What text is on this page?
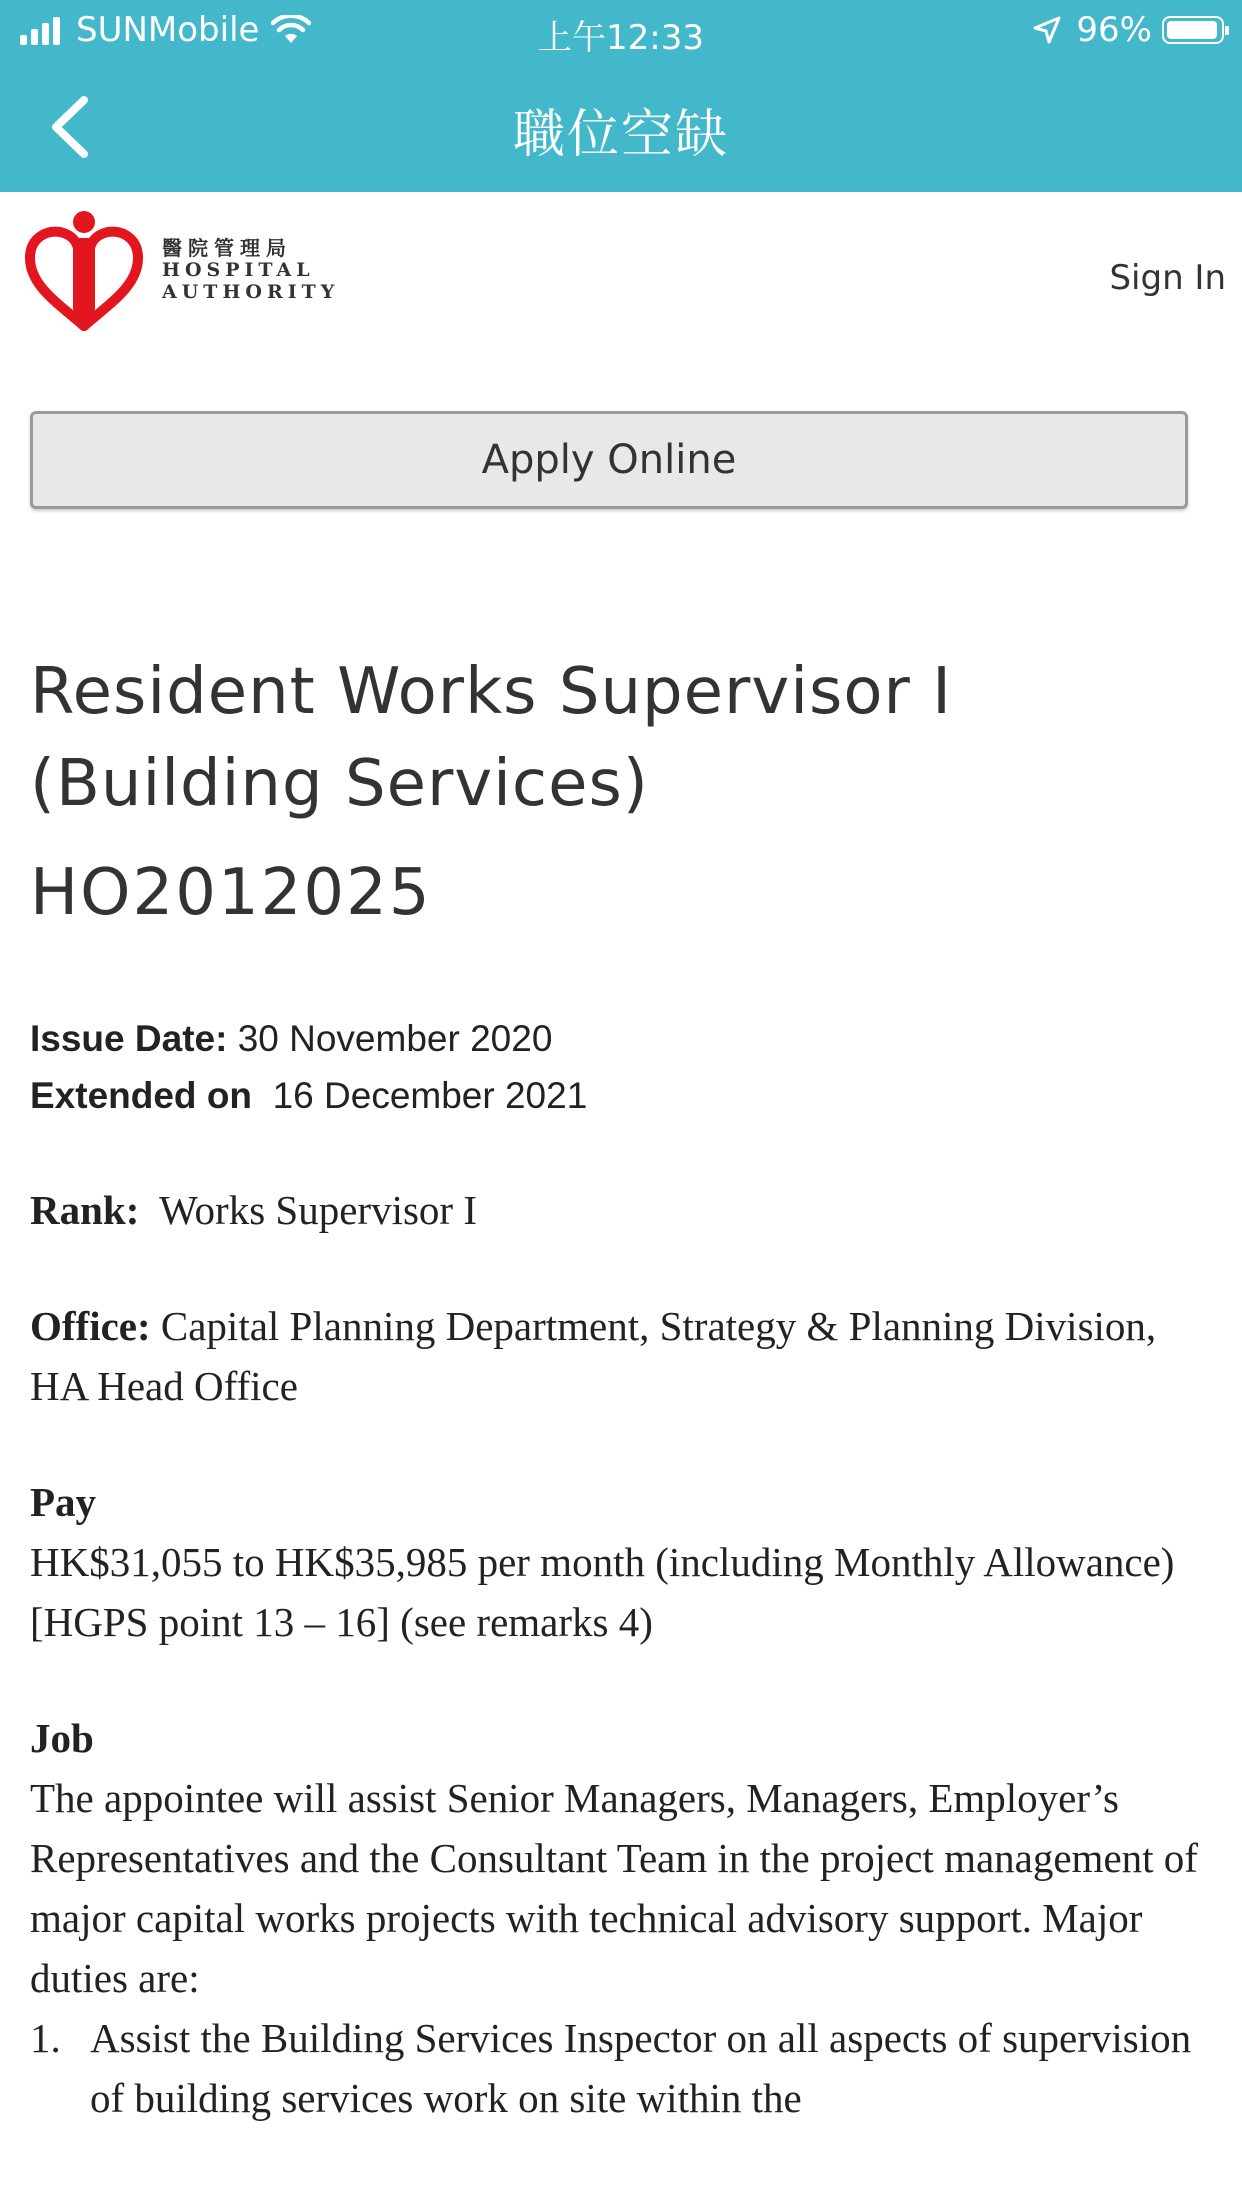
SUNMobile	上午12:33	96%
職位空缺
醫院管理局
HOSPITAL
AUTHORITY	Sign In
Apply Online
Resident Works Supervisor I (Building Services)
HO2012025
Issue Date: 30 November 2020
Extended on 16 December 2021

Rank: Works Supervisor I

Office: Capital Planning Department, Strategy & Planning Division, HA Head Office

Pay

HK$31,055 to HK$35,985 per month (including Monthly Allowance)

[HGPS point 13 – 16] (see remarks 4)

Job

The appointee will assist Senior Managers, Managers, Employer’s Representatives and the Consultant Team in the project management of major capital works projects with technical advisory support. Major duties are:

1. Assist the Building Services Inspector on all aspects of supervision of building services work on site within the
